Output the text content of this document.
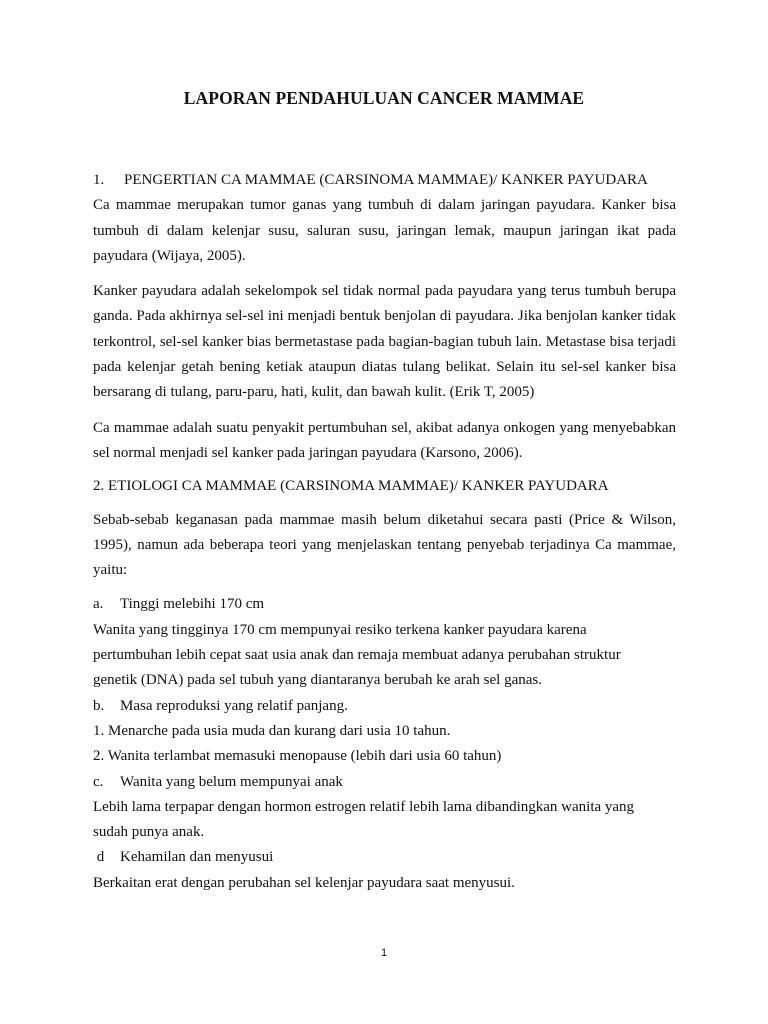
LAPORAN PENDAHULUAN CANCER MAMMAE

1. PENGERTIAN CA MAMMAE (CARSINOMA MAMMAE)/ KANKER PAYUDARA

Ca mammae merupakan tumor ganas yang tumbuh di dalam jaringan payudara. Kanker bisa tumbuh di dalam kelenjar susu, saluran susu, jaringan lemak, maupun jaringan ikat pada payudara (Wijaya, 2005).

Kanker payudara adalah sekelompok sel tidak normal pada payudara yang terus tumbuh berupa ganda. Pada akhirnya sel-sel ini menjadi bentuk benjolan di payudara. Jika benjolan kanker tidak terkontrol, sel-sel kanker bias bermetastase pada bagian-bagian tubuh lain. Metastase bisa terjadi pada kelenjar getah bening ketiak ataupun diatas tulang belikat. Selain itu sel-sel kanker bisa bersarang di tulang, paru-paru, hati, kulit, dan bawah kulit. (Erik T, 2005)

Ca mammae adalah suatu penyakit pertumbuhan sel, akibat adanya onkogen yang menyebabkan sel normal menjadi sel kanker pada jaringan payudara (Karsono, 2006).

2. ETIOLOGI CA MAMMAE (CARSINOMA MAMMAE)/ KANKER PAYUDARA

Sebab-sebab keganasan pada mammae masih belum diketahui secara pasti (Price & Wilson, 1995), namun ada beberapa teori yang menjelaskan tentang penyebab terjadinya Ca mammae, yaitu:

a. Tinggi melebihi 170 cm

Wanita yang tingginya 170 cm mempunyai resiko terkena kanker payudara karena

pertumbuhan lebih cepat saat usia anak dan remaja membuat adanya perubahan struktur

genetik (DNA) pada sel tubuh yang diantaranya berubah ke arah sel ganas.

b. Masa reproduksi yang relatif panjang.

1. Menarche pada usia muda dan kurang dari usia 10 tahun.

2. Wanita terlambat memasuki menopause (lebih dari usia 60 tahun)

c. Wanita yang belum mempunyai anak

Lebih lama terpapar dengan hormon estrogen relatif lebih lama dibandingkan wanita yang

sudah punya anak.

d Kehamilan dan menyusui

Berkaitan erat dengan perubahan sel kelenjar payudara saat menyusui.

1
